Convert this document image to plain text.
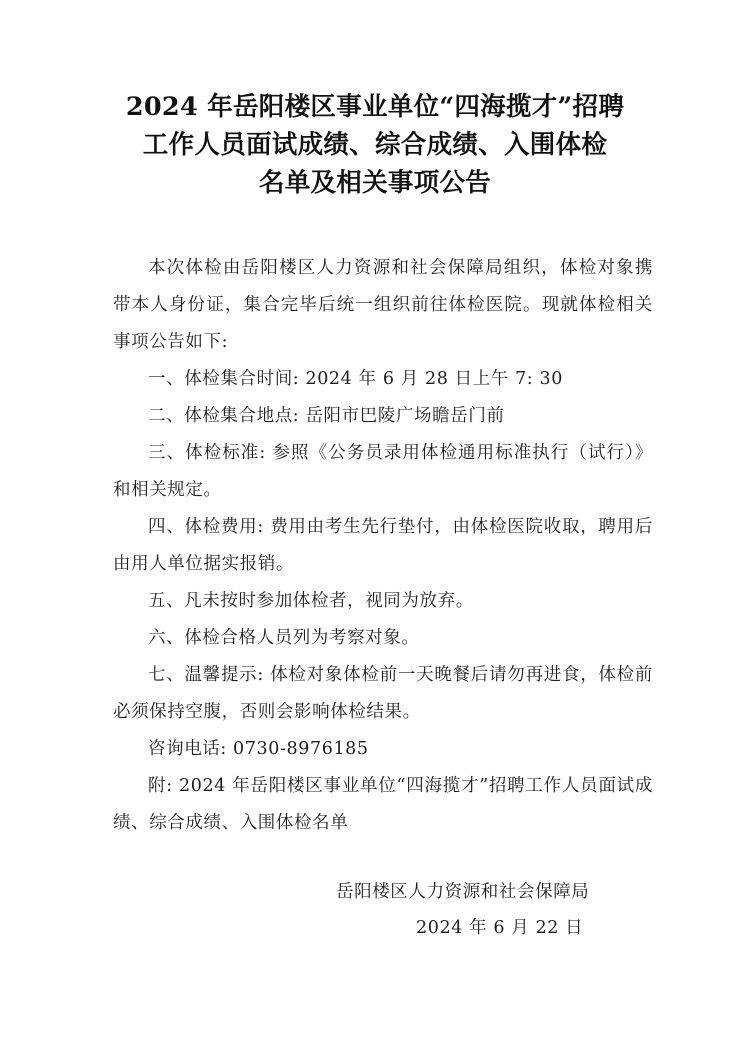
2024 年岳阳楼区事业单位“四海揽才”招聘
工作人员面试成绩、综合成绩、入围体检
名单及相关事项公告

本次体检由岳阳楼区人力资源和社会保障局组织，体检对象携带本人身份证，集合完毕后统一组织前往体检医院。现就体检相关事项公告如下:

一、体检集合时间: 2024 年 6 月 28 日上午 7: 30

二、体检集合地点: 岳阳市巴陵广场瞻岳门前

三、体检标准: 参照《公务员录用体检通用标准执行（试行）》和相关规定。

四、体检费用: 费用由考生先行垫付，由体检医院收取，聘用后由用人单位据实报销。

五、凡未按时参加体检者，视同为放弃。

六、体检合格人员列为考察对象。

七、温馨提示: 体检对象体检前一天晚餐后请勿再进食，体检前必须保持空腹，否则会影响体检结果。

咨询电话: 0730-8976185

附: 2024 年岳阳楼区事业单位“四海揽才”招聘工作人员面试成绩、综合成绩、入围体检名单

岳阳楼区人力资源和社会保障局
2024 年 6 月 22 日
